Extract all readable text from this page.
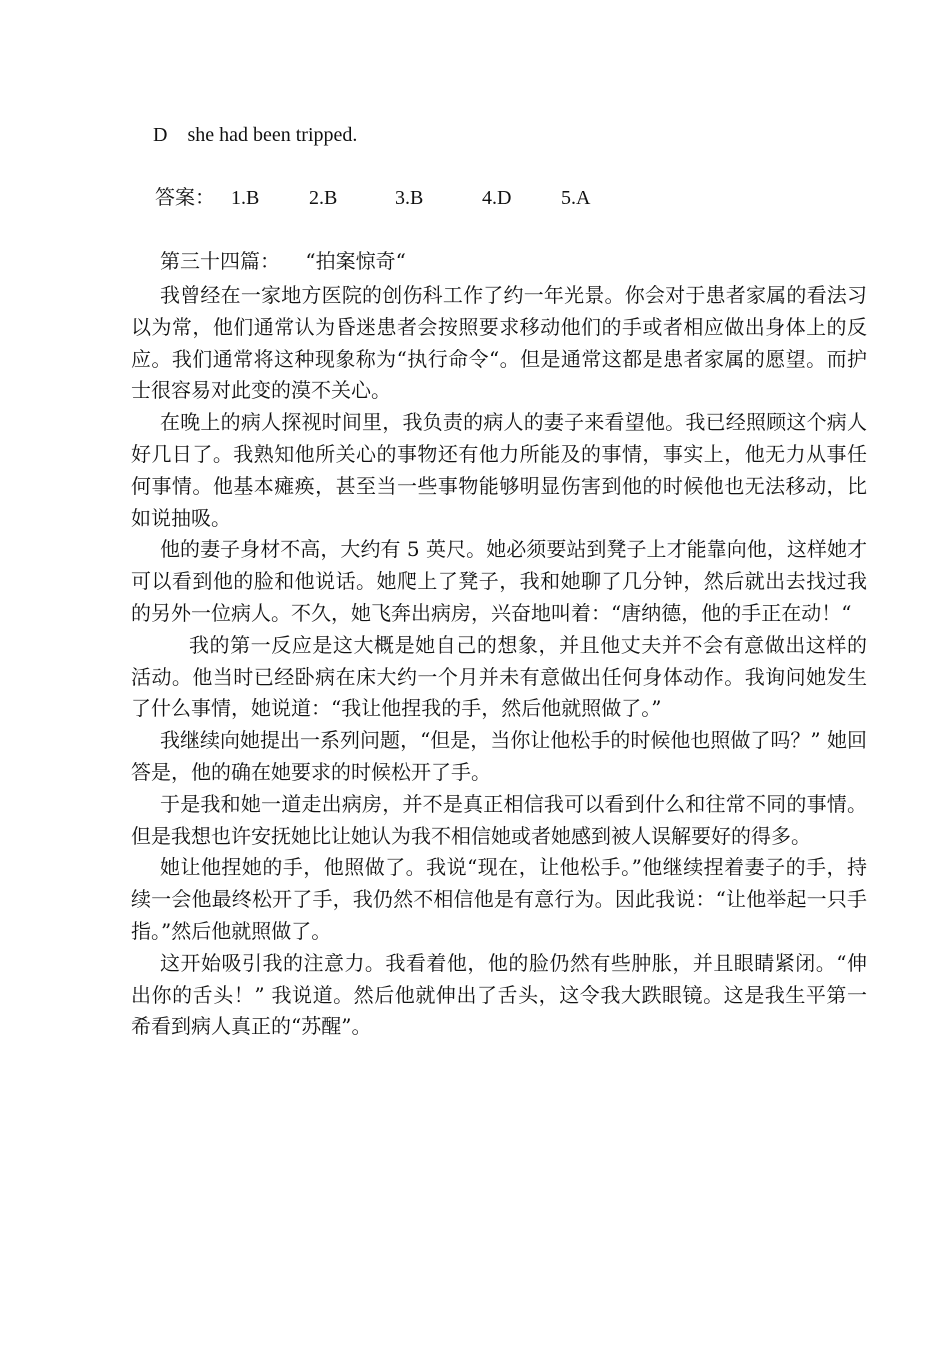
D    she had been tripped.
答案： 1.B	2.B	3.B	4.D	5.A
第三十四篇：    “拍案惊奇“

我曾经在一家地方医院的创伤科工作了约一年光景。你会对于患者家属的看法习以为常，他们通常认为昏迷患者会按照要求移动他们的手或者相应做出身体上的反应。我们通常将这种现象称为“执行命令“。但是通常这都是患者家属的愿望。而护士很容易对此变的漠不关心。

在晚上的病人探视时间里，我负责的病人的妻子来看望他。我已经照顾这个病人好几日了。我熟知他所关心的事物还有他力所能及的事情，事实上，他无力从事任何事情。他基本瘫痪，甚至当一些事物能够明显伤害到他的时候他也无法移动，比如说抽吸。

他的妻子身材不高，大约有 5 英尺。她必须要站到凳子上才能靠向他，这样她才可以看到他的脸和他说话。她爬上了凳子，我和她聊了几分钟，然后就出去找过我的另外一位病人。不久，她飞奔出病房，兴奋地叫着：“唐纳德，他的手正在动！“

我的第一反应是这大概是她自己的想象，并且他丈夫并不会有意做出这样的活动。他当时已经卧病在床大约一个月并未有意做出任何身体动作。我询问她发生了什么事情，她说道：“我让他捏我的手，然后他就照做了。”

我继续向她提出一系列问题，“但是，当你让他松手的时候他也照做了吗？” 她回答是，他的确在她要求的时候松开了手。

于是我和她一道走出病房，并不是真正相信我可以看到什么和往常不同的事情。但是我想也许安抚她比让她认为我不相信她或者她感到被人误解要好的得多。

她让他捏她的手，他照做了。我说“现在，让他松手。”他继续捏着妻子的手，持续一会他最终松开了手，我仍然不相信他是有意行为。因此我说：“让他举起一只手指。”然后他就照做了。

这开始吸引我的注意力。我看着他，他的脸仍然有些肿胀，并且眼睛紧闭。“伸出你的舌头！” 我说道。然后他就伸出了舌头，这令我大跌眼镜。这是我生平第一希看到病人真正的“苏醒”。
